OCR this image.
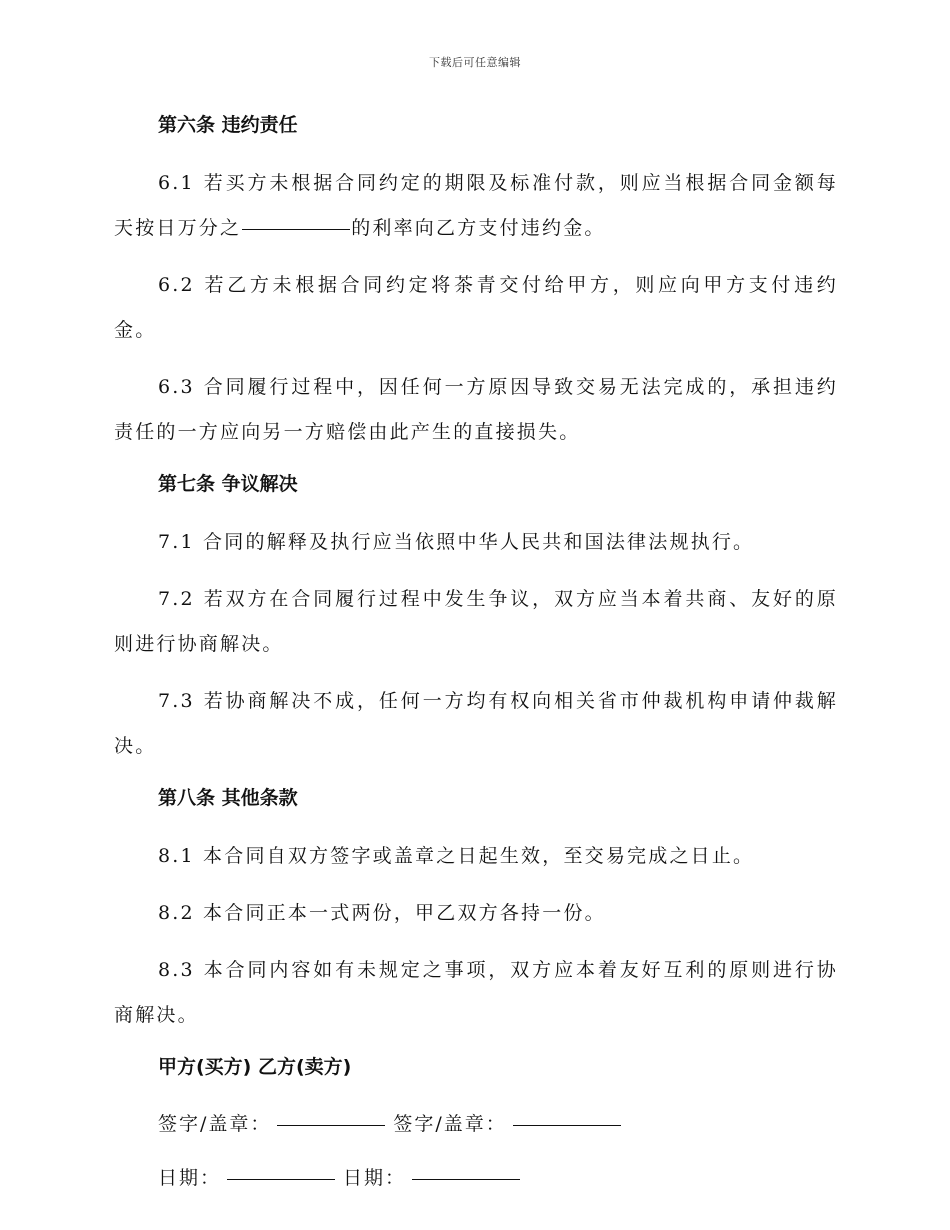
下载后可任意编辑
第六条 违约责任

6.1 若买方未根据合同约定的期限及标准付款，则应当根据合同金额每天按日万分之	的利率向乙方支付违约金。

6.2 若乙方未根据合同约定将茶青交付给甲方，则应向甲方支付违约金。

6.3 合同履行过程中，因任何一方原因导致交易无法完成的，承担违约责任的一方应向另一方赔偿由此产生的直接损失。

第七条 争议解决

7.1 合同的解释及执行应当依照中华人民共和国法律法规执行。

7.2 若双方在合同履行过程中发生争议，双方应当本着共商、友好的原则进行协商解决。

7.3 若协商解决不成，任何一方均有权向相关省市仲裁机构申请仲裁解决。

第八条 其他条款

8.1 本合同自双方签字或盖章之日起生效，至交易完成之日止。

8.2 本合同正本一式两份，甲乙双方各持一份。

8.3 本合同内容如有未规定之事项，双方应本着友好互利的原则进行协商解决。

甲方(买方) 乙方(卖方)
签字/盖章：	签字/盖章：
日期：	日期：
